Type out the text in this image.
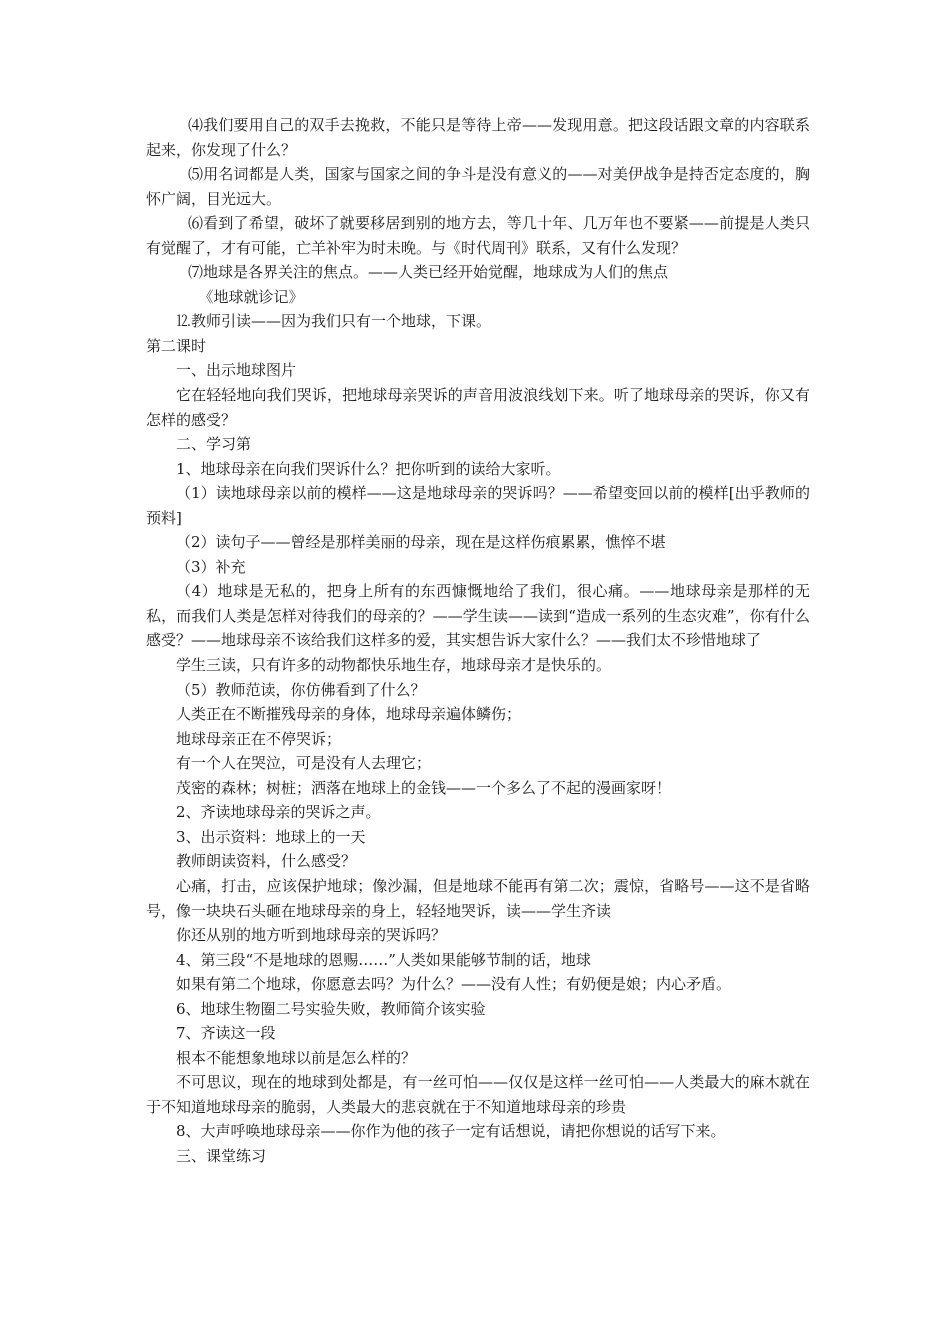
⑷我们要用自己的双手去挽救，不能只是等待上帝——发现用意。把这段话跟文章的内容联系起来，你发现了什么？

⑸用名词都是人类，国家与国家之间的争斗是没有意义的——对美伊战争是持否定态度的，胸怀广阔，目光远大。

⑹看到了希望，破坏了就要移居到别的地方去，等几十年、几万年也不要紧——前提是人类只有觉醒了，才有可能，亡羊补牢为时未晚。与《时代周刊》联系，又有什么发现？

⑺地球是各界关注的焦点。——人类已经开始觉醒，地球成为人们的焦点

《地球就诊记》

⒓教师引读——因为我们只有一个地球，下课。

第二课时

一、出示地球图片

它在轻轻地向我们哭诉，把地球母亲哭诉的声音用波浪线划下来。听了地球母亲的哭诉，你又有怎样的感受？

二、学习第

1、地球母亲在向我们哭诉什么？把你听到的读给大家听。

（1）读地球母亲以前的模样——这是地球母亲的哭诉吗？——希望变回以前的模样[出乎教师的预料]

（2）读句子——曾经是那样美丽的母亲，现在是这样伤痕累累，憔悴不堪

（3）补充

（4）地球是无私的，把身上所有的东西慷慨地给了我们，很心痛。——地球母亲是那样的无私，而我们人类是怎样对待我们的母亲的？——学生读——读到“造成一系列的生态灾难”，你有什么感受？——地球母亲不该给我们这样多的爱，其实想告诉大家什么？——我们太不珍惜地球了

学生三读，只有许多的动物都快乐地生存，地球母亲才是快乐的。

（5）教师范读，你仿佛看到了什么？

人类正在不断摧残母亲的身体，地球母亲遍体鳞伤；

地球母亲正在不停哭诉；

有一个人在哭泣，可是没有人去理它；

茂密的森林；树桩；洒落在地球上的金钱——一个多么了不起的漫画家呀！

2、齐读地球母亲的哭诉之声。

3、出示资料：地球上的一天

教师朗读资料，什么感受？

心痛，打击，应该保护地球；像沙漏，但是地球不能再有第二次；震惊，省略号——这不是省略号，像一块块石头砸在地球母亲的身上，轻轻地哭诉，读——学生齐读

你还从别的地方听到地球母亲的哭诉吗？

4、第三段“不是地球的恩赐……”人类如果能够节制的话，地球

如果有第二个地球，你愿意去吗？为什么？——没有人性；有奶便是娘；内心矛盾。

6、地球生物圈二号实验失败，教师简介该实验

7、齐读这一段

根本不能想象地球以前是怎么样的？

不可思议，现在的地球到处都是，有一丝可怕——仅仅是这样一丝可怕——人类最大的麻木就在于不知道地球母亲的脆弱，人类最大的悲哀就在于不知道地球母亲的珍贵

8、大声呼唤地球母亲——你作为他的孩子一定有话想说，请把你想说的话写下来。

三、课堂练习
